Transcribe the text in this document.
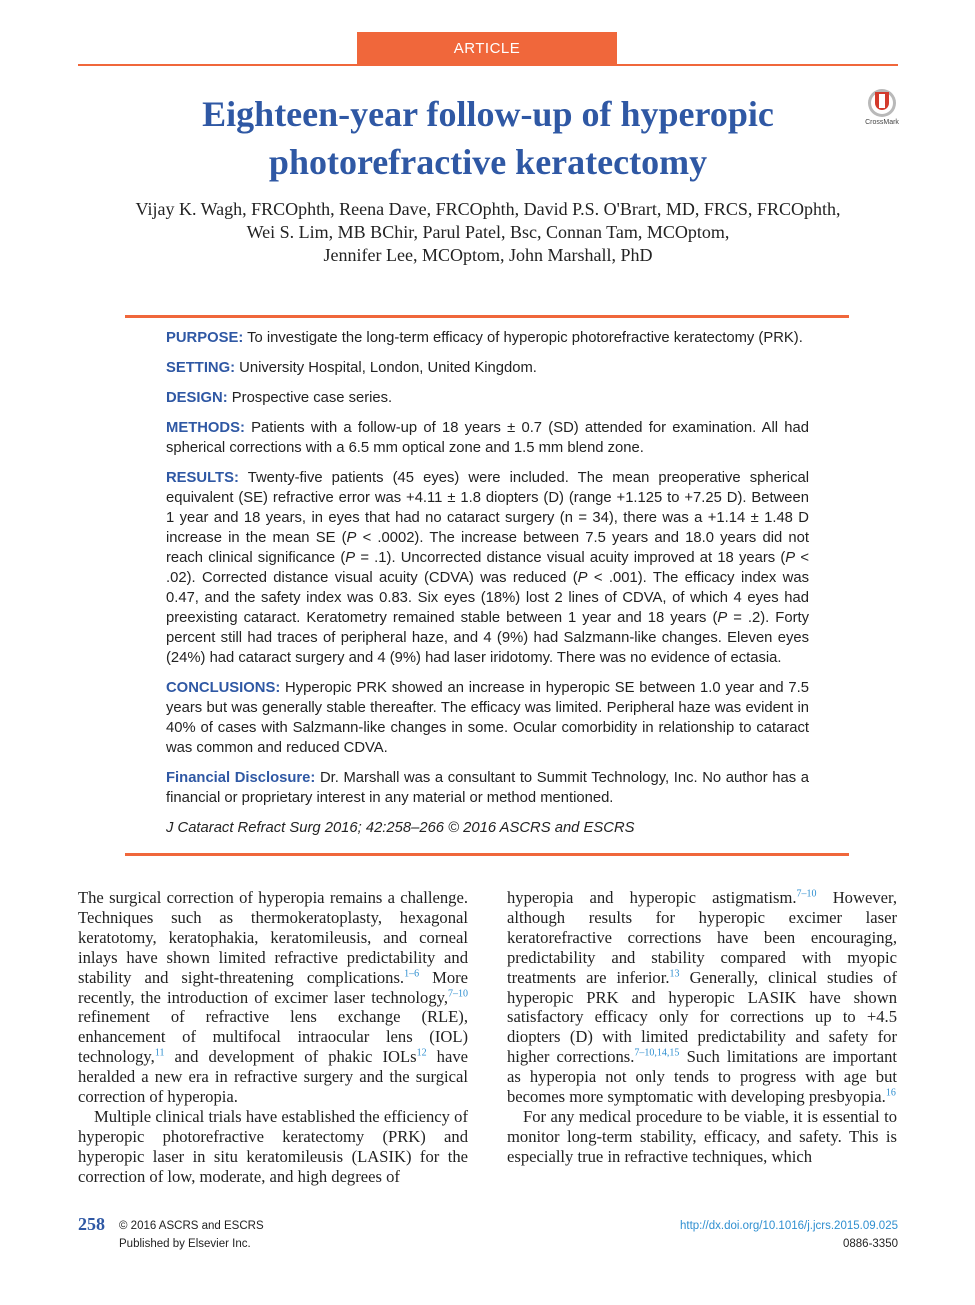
ARTICLE
Eighteen-year follow-up of hyperopic photorefractive keratectomy
CrossMark
Vijay K. Wagh, FRCOphth, Reena Dave, FRCOphth, David P.S. O'Brart, MD, FRCS, FRCOphth,
Wei S. Lim, MB BChir, Parul Patel, Bsc, Connan Tam, MCOptom,
Jennifer Lee, MCOptom, John Marshall, PhD

PURPOSE: To investigate the long-term efficacy of hyperopic photorefractive keratectomy (PRK).

SETTING: University Hospital, London, United Kingdom.

DESIGN: Prospective case series.

METHODS: Patients with a follow-up of 18 years ± 0.7 (SD) attended for examination. All had spherical corrections with a 6.5 mm optical zone and 1.5 mm blend zone.

RESULTS: Twenty-five patients (45 eyes) were included. The mean preoperative spherical equivalent (SE) refractive error was +4.11 ± 1.8 diopters (D) (range +1.125 to +7.25 D). Between 1 year and 18 years, in eyes that had no cataract surgery (n = 34), there was a +1.14 ± 1.48 D increase in the mean SE (P < .0002). The increase between 7.5 years and 18.0 years did not reach clinical significance (P = .1). Uncorrected distance visual acuity improved at 18 years (P < .02). Corrected distance visual acuity (CDVA) was reduced (P < .001). The efficacy index was 0.47, and the safety index was 0.83. Six eyes (18%) lost 2 lines of CDVA, of which 4 eyes had preexisting cataract. Keratometry remained stable between 1 year and 18 years (P = .2). Forty percent still had traces of peripheral haze, and 4 (9%) had Salzmann-like changes. Eleven eyes (24%) had cataract surgery and 4 (9%) had laser iridotomy. There was no evidence of ectasia.

CONCLUSIONS: Hyperopic PRK showed an increase in hyperopic SE between 1.0 year and 7.5 years but was generally stable thereafter. The efficacy was limited. Peripheral haze was evident in 40% of cases with Salzmann-like changes in some. Ocular comorbidity in relationship to cataract was common and reduced CDVA.

Financial Disclosure: Dr. Marshall was a consultant to Summit Technology, Inc. No author has a financial or proprietary interest in any material or method mentioned.

J Cataract Refract Surg 2016; 42:258–266 © 2016 ASCRS and ESCRS

The surgical correction of hyperopia remains a challenge. Techniques such as thermokeratoplasty, hexagonal keratotomy, keratophakia, keratomileusis, and corneal inlays have shown limited refractive predictability and stability and sight-threatening complications.$^{1-6}$ More recently, the introduction of excimer laser technology,$^{7-10}$ refinement of refractive lens exchange (RLE), enhancement of multifocal intraocular lens (IOL) technology,$^{11}$ and development of phakic IOLs$^{12}$ have heralded a new era in refractive surgery and the surgical correction of hyperopia.

Multiple clinical trials have established the efficiency of hyperopic photorefractive keratectomy (PRK) and hyperopic laser in situ keratomileusis (LASIK) for the correction of low, moderate, and high degrees of

hyperopia and hyperopic astigmatism.$^{7-10}$ However, although results for hyperopic excimer laser keratorefractive corrections have been encouraging, predictability and stability compared with myopic treatments are inferior.$^{13}$ Generally, clinical studies of hyperopic PRK and hyperopic LASIK have shown satisfactory efficacy only for corrections up to +4.5 diopters (D) with limited predictability and safety for higher corrections.$^{7-10,14,15}$ Such limitations are important as hyperopia not only tends to progress with age but becomes more symptomatic with developing presbyopia.$^{16}$

For any medical procedure to be viable, it is essential to monitor long-term stability, efficacy, and safety. This is especially true in refractive techniques, which

258 © 2016 ASCRS and ESCRS
Published by Elsevier Inc.
http://dx.doi.org/10.1016/j.jcrs.2015.09.025
0886-3350
